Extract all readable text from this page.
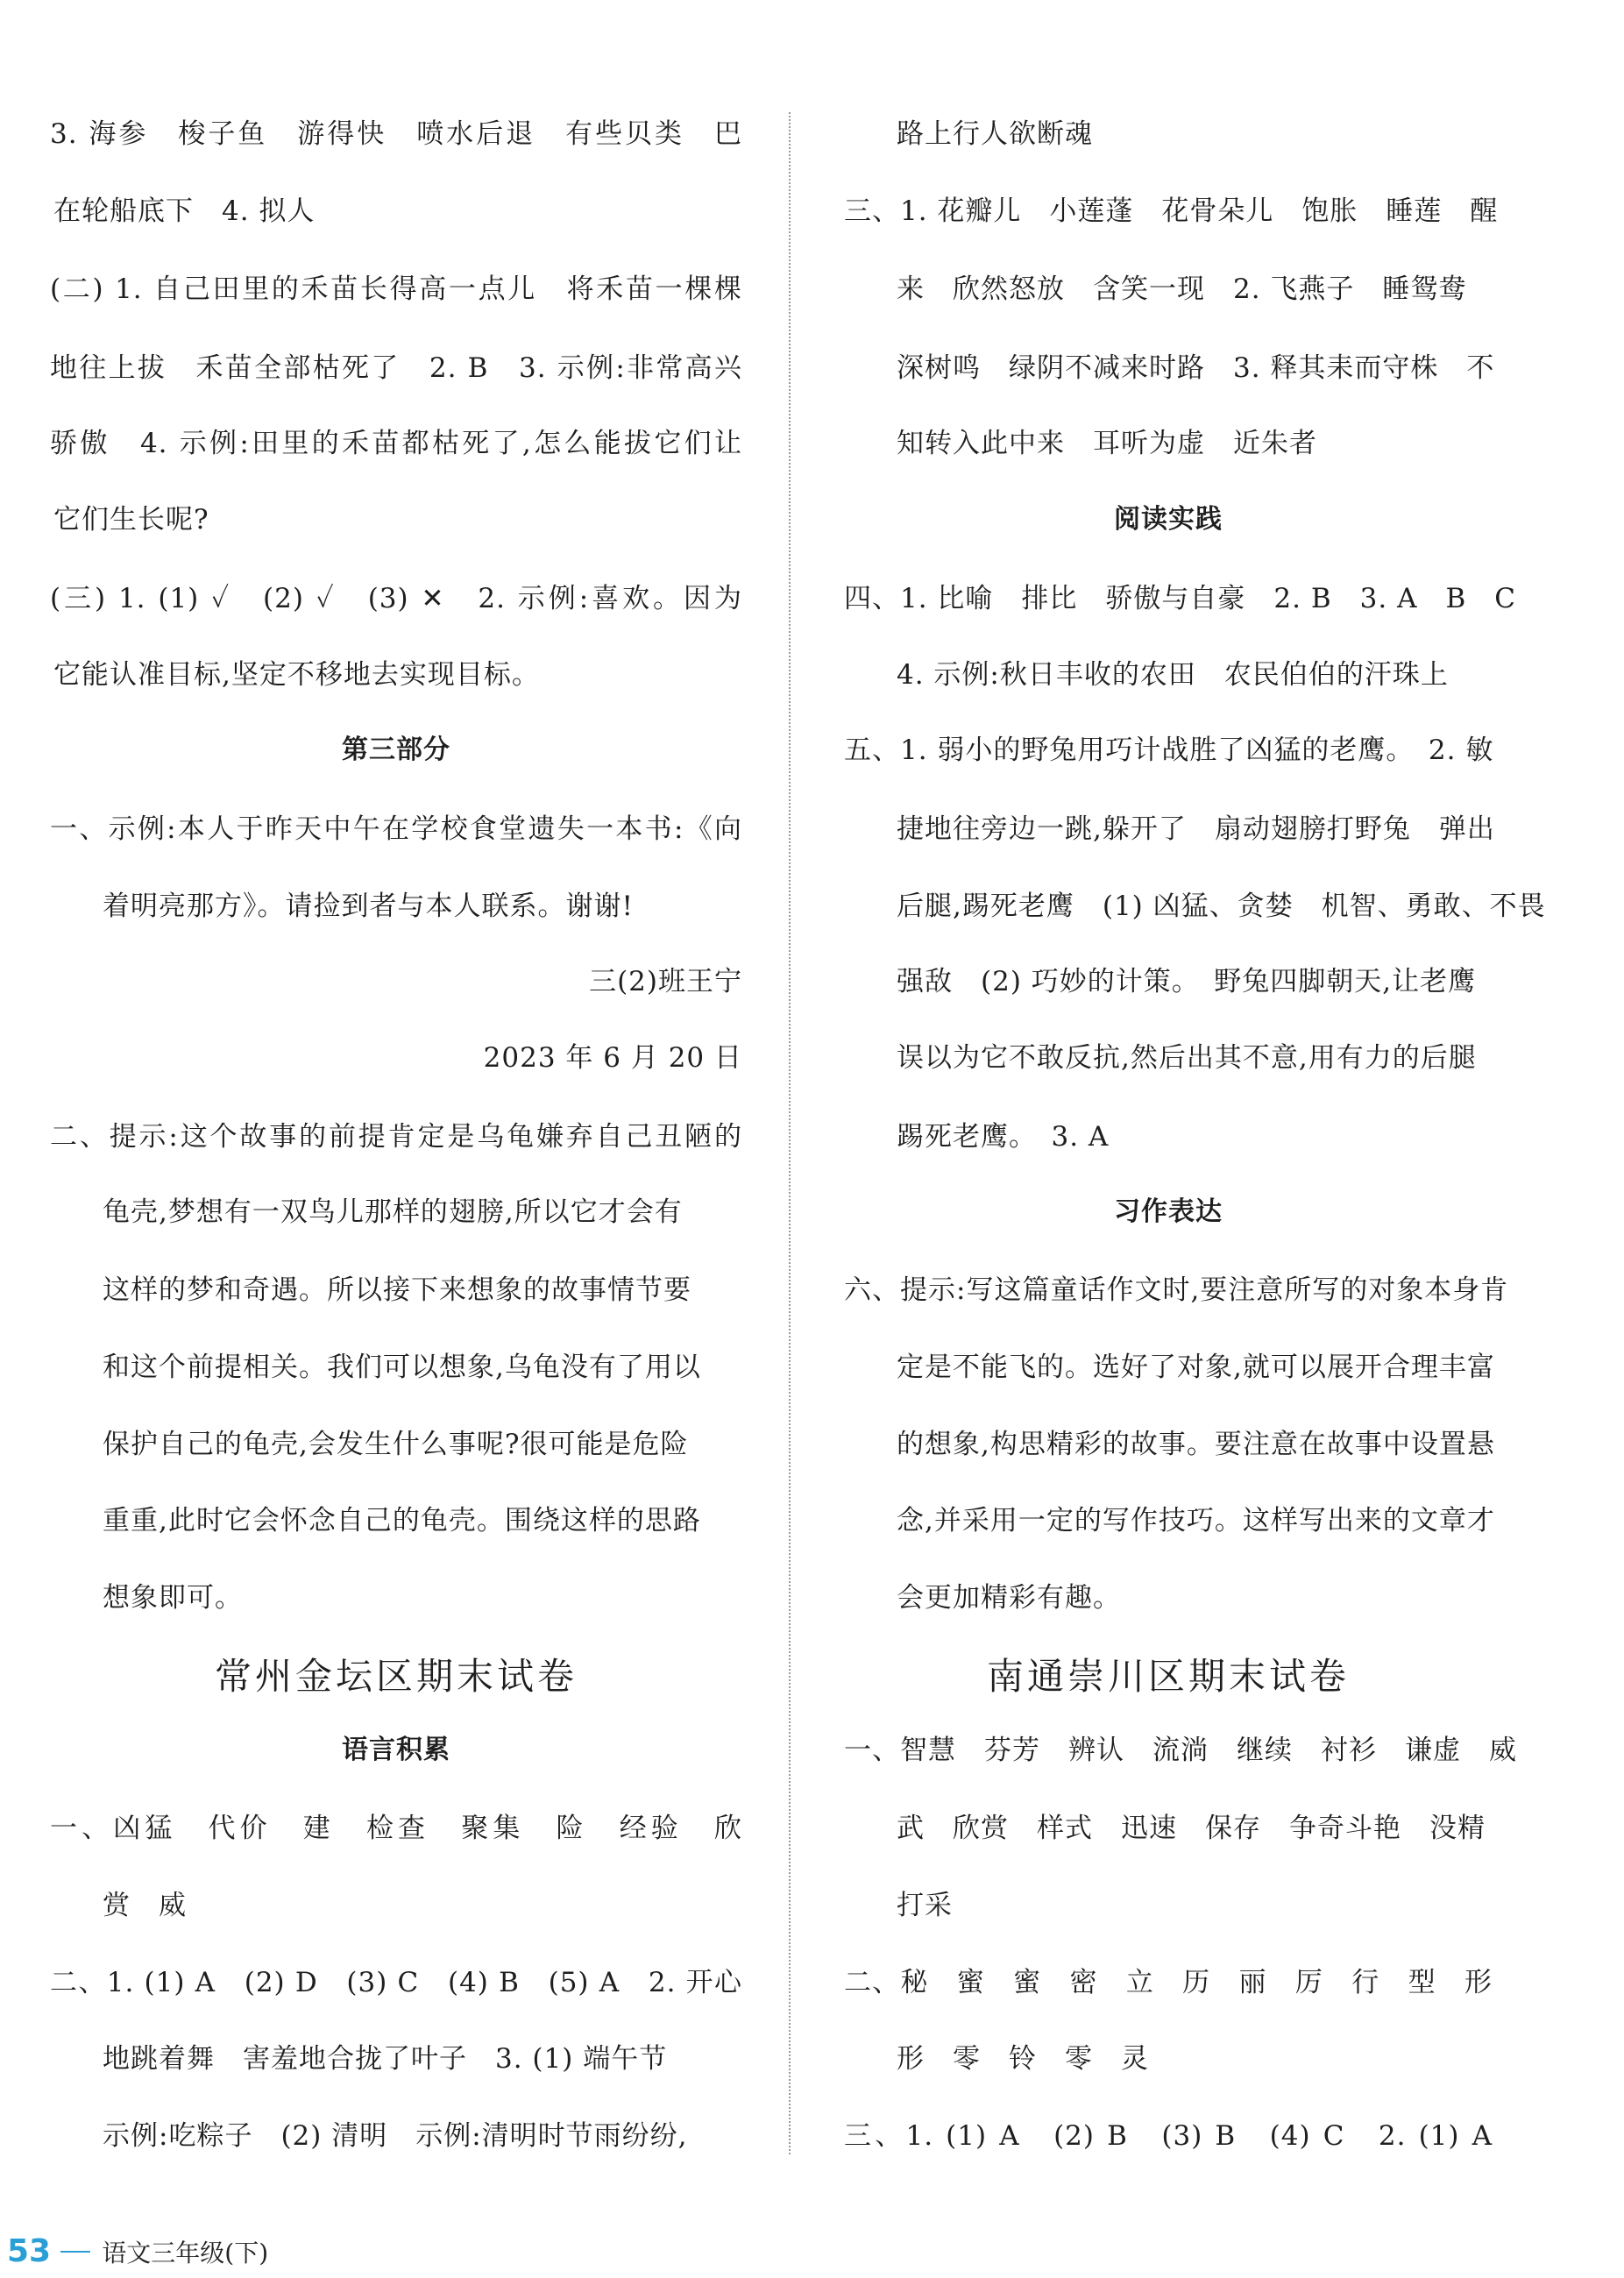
3. 海参　梭子鱼　游得快　喷水后退　有些贝类　巴
在轮船底下　4. 拟人
(二) 1. 自己田里的禾苗长得高一点儿　将禾苗一棵棵
地往上拔　禾苗全部枯死了　2. B　3. 示例:非常高兴
骄傲　4. 示例:田里的禾苗都枯死了,怎么能拔它们让
它们生长呢?
(三) 1. (1) ✓　(2) ✓　(3) ✕　2. 示例:喜欢。因为
它能认准目标,坚定不移地去实现目标。
第三部分
一、示例:本人于昨天中午在学校食堂遗失一本书:《向
着明亮那方》。请捡到者与本人联系。谢谢!
三(2)班王宁
2023 年 6 月 20 日
二、提示:这个故事的前提肯定是乌龟嫌弃自己丑陋的
龟壳,梦想有一双鸟儿那样的翅膀,所以它才会有
这样的梦和奇遇。所以接下来想象的故事情节要
和这个前提相关。我们可以想象,乌龟没有了用以
保护自己的龟壳,会发生什么事呢?很可能是危险
重重,此时它会怀念自己的龟壳。围绕这样的思路
想象即可。
常州金坛区期末试卷
语言积累
一、凶猛　代价　建　检查　聚集　险　经验　欣
赏　威
二、1. (1) A　(2) D　(3) C　(4) B　(5) A　2. 开心
地跳着舞　害羞地合拢了叶子　3. (1) 端午节
示例:吃粽子　(2) 清明　示例:清明时节雨纷纷,
路上行人欲断魂
三、1. 花瓣儿　小莲蓬　花骨朵儿　饱胀　睡莲　醒
来　欣然怒放　含笑一现　2. 飞燕子　睡鸳鸯
深树鸣　绿阴不减来时路　3. 释其耒而守株　不
知转入此中来　耳听为虚　近朱者
阅读实践
四、1. 比喻　排比　骄傲与自豪　2. B　3. A　B　C
4. 示例:秋日丰收的农田　农民伯伯的汗珠上
五、1. 弱小的野兔用巧计战胜了凶猛的老鹰。　2. 敏
捷地往旁边一跳,躲开了　扇动翅膀打野兔　弹出
后腿,踢死老鹰　(1) 凶猛、贪婪　机智、勇敢、不畏
强敌　(2) 巧妙的计策。　野兔四脚朝天,让老鹰
误以为它不敢反抗,然后出其不意,用有力的后腿
踢死老鹰。　3. A
习作表达
六、提示:写这篇童话作文时,要注意所写的对象本身肯
定是不能飞的。选好了对象,就可以展开合理丰富
的想象,构思精彩的故事。要注意在故事中设置悬
念,并采用一定的写作技巧。这样写出来的文章才
会更加精彩有趣。
南通崇川区期末试卷
一、智慧　芬芳　辨认　流淌　继续　衬衫　谦虚　威
武　欣赏　样式　迅速　保存　争奇斗艳　没精
打采
二、秘　蜜　蜜　密　立　历　丽　厉　行　型　形
形　零　铃　零　灵
三、1. (1) A　(2) B　(3) B　(4) C　2. (1) A
53 语文三年级(下)
